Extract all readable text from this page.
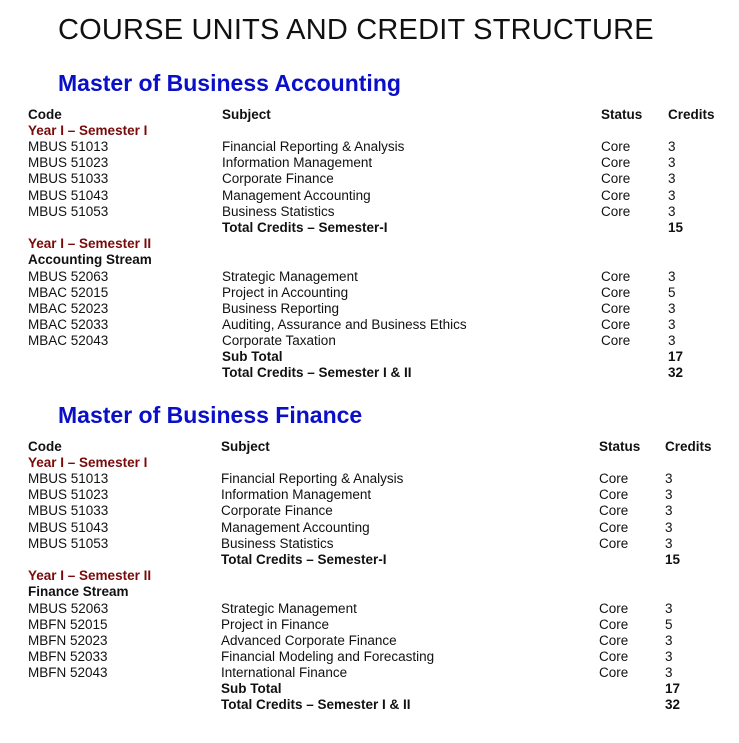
COURSE UNITS AND CREDIT STRUCTURE
Master of Business Accounting
Code	Subject	Status Credits
Year I – Semester I
MBUS 51013	Financial Reporting & Analysis	Core	3
MBUS 51023	Information Management	Core	3
MBUS 51033	Corporate Finance	Core	3
MBUS 51043	Management Accounting	Core	3
MBUS 51053	Business Statistics	Core	3
Total Credits – Semester-I	15
Year I – Semester II
Accounting Stream
MBUS 52063	Strategic Management	Core	3
MBAC 52015	Project in Accounting	Core	5
MBAC 52023	Business Reporting	Core	3
MBAC 52033	Auditing, Assurance and Business Ethics	Core	3
MBAC 52043	Corporate Taxation	Core	3
Sub Total	17
Total Credits – Semester I & II	32
Master of Business Finance
Code	Subject	Status Credits
Year I – Semester I
MBUS 51013	Financial Reporting & Analysis	Core	3
MBUS 51023	Information Management	Core	3
MBUS 51033	Corporate Finance	Core	3
MBUS 51043	Management Accounting	Core	3
MBUS 51053	Business Statistics	Core	3
Total Credits – Semester-I	15
Year I – Semester II
Finance Stream
MBUS 52063	Strategic Management	Core	3
MBFN 52015	Project in Finance	Core	5
MBFN 52023	Advanced Corporate Finance	Core	3
MBFN 52033	Financial Modeling and Forecasting	Core	3
MBFN 52043	International Finance	Core	3
Sub Total	17
Total Credits – Semester I & II	32
